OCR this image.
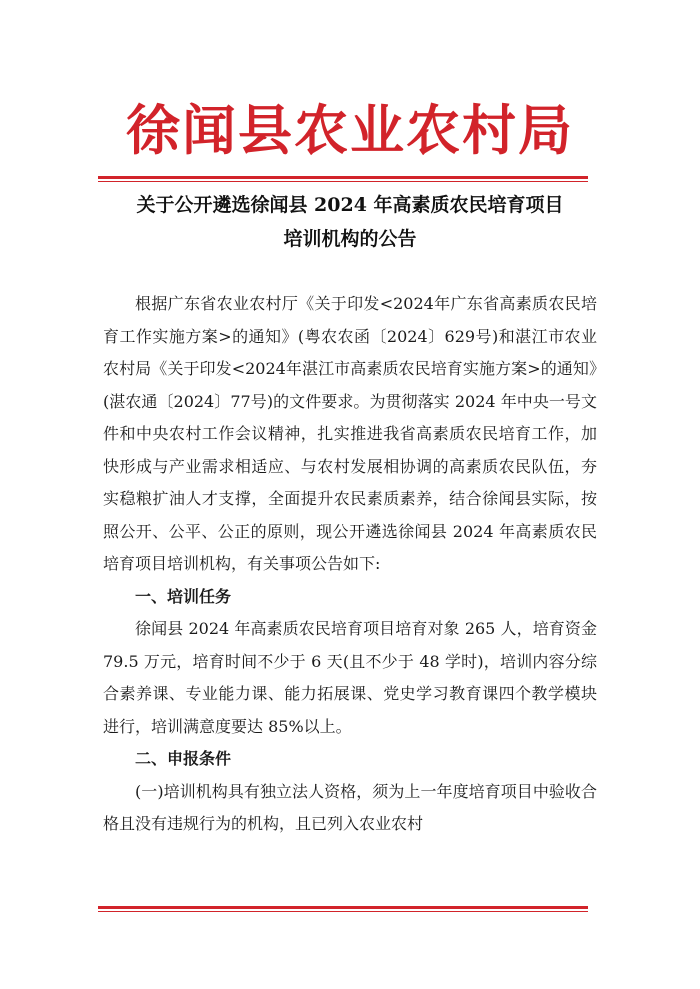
徐闻县农业农村局
关于公开遴选徐闻县 2024 年高素质农民培育项目
培训机构的公告

根据广东省农业农村厅《关于印发<2024年广东省高素质农民培育工作实施方案>的通知》(粤农农函〔2024〕629号)和湛江市农业农村局《关于印发<2024年湛江市高素质农民培育实施方案>的通知》(湛农通〔2024〕77号)的文件要求。为贯彻落实 2024 年中央一号文件和中央农村工作会议精神，扎实推进我省高素质农民培育工作，加快形成与产业需求相适应、与农村发展相协调的高素质农民队伍，夯实稳粮扩油人才支撑，全面提升农民素质素养，结合徐闻县实际，按照公开、公平、公正的原则，现公开遴选徐闻县 2024 年高素质农民培育项目培训机构，有关事项公告如下:

一、培训任务

徐闻县 2024 年高素质农民培育项目培育对象 265 人，培育资金 79.5 万元，培育时间不少于 6 天(且不少于 48 学时)，培训内容分综合素养课、专业能力课、能力拓展课、党史学习教育课四个教学模块进行，培训满意度要达 85%以上。

二、申报条件

(一)培训机构具有独立法人资格，须为上一年度培育项目中验收合格且没有违规行为的机构，且已列入农业农村
